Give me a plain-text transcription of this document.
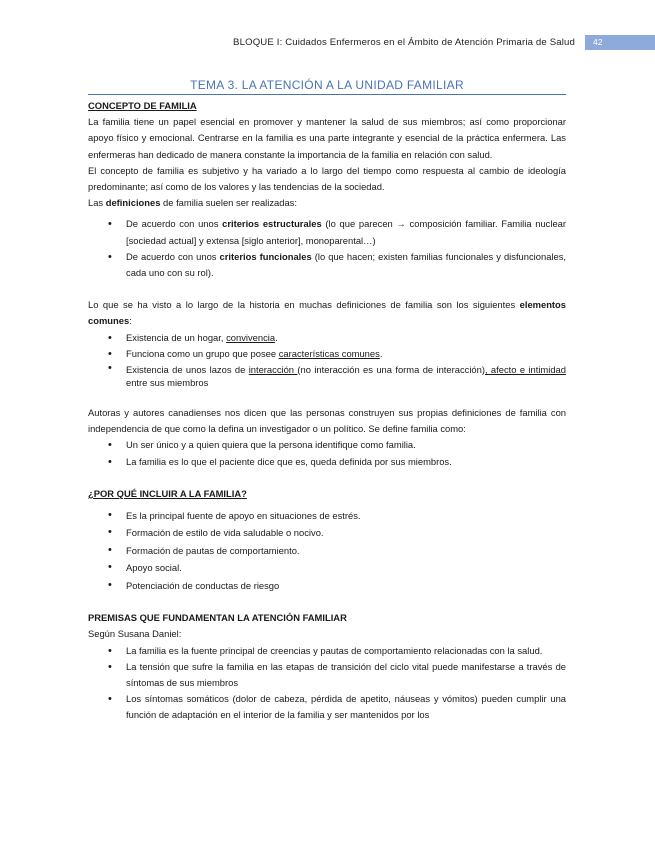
BLOQUE I: Cuidados Enfermeros en el Ámbito de Atención Primaria de Salud	42
TEMA 3. LA ATENCIÓN A LA UNIDAD FAMILIAR

CONCEPTO DE FAMILIA

La familia tiene un papel esencial en promover y mantener la salud de sus miembros; así como proporcionar apoyo físico y emocional. Centrarse en la familia es una parte integrante y esencial de la práctica enfermera. Las enfermeras han dedicado de manera constante la importancia de la familia en relación con salud.

El concepto de familia es subjetivo y ha variado a lo largo del tiempo como respuesta al cambio de ideología predominante; así como de los valores y las tendencias de la sociedad.

Las definiciones de familia suelen ser realizadas:

• De acuerdo con unos criterios estructurales (lo que parecen → composición familiar. Familia nuclear [sociedad actual] y extensa [siglo anterior], monoparental…)
• De acuerdo con unos criterios funcionales (lo que hacen; existen familias funcionales y disfuncionales, cada uno con su rol).

Lo que se ha visto a lo largo de la historia en muchas definiciones de familia son los siguientes elementos comunes:

• Existencia de un hogar, convivencia.
• Funciona como un grupo que posee características comunes.
• Existencia de unos lazos de interacción (no interacción es una forma de interacción), afecto e intimidad entre sus miembros

Autoras y autores canadienses nos dicen que las personas construyen sus propias definiciones de familia con independencia de que como la defina un investigador o un político. Se define familia como:

• Un ser único y a quien quiera que la persona identifique como familia.
• La familia es lo que el paciente dice que es, queda definida por sus miembros.

¿POR QUÉ INCLUIR A LA FAMILIA?

• Es la principal fuente de apoyo en situaciones de estrés.
• Formación de estilo de vida saludable o nocivo.
• Formación de pautas de comportamiento.
• Apoyo social.
• Potenciación de conductas de riesgo

PREMISAS QUE FUNDAMENTAN LA ATENCIÓN FAMILIAR

Según Susana Daniel:

• La familia es la fuente principal de creencias y pautas de comportamiento relacionadas con la salud.
• La tensión que sufre la familia en las etapas de transición del ciclo vital puede manifestarse a través de síntomas de sus miembros
• Los síntomas somáticos (dolor de cabeza, pérdida de apetito, náuseas y vómitos) pueden cumplir una función de adaptación en el interior de la familia y ser mantenidos por los
